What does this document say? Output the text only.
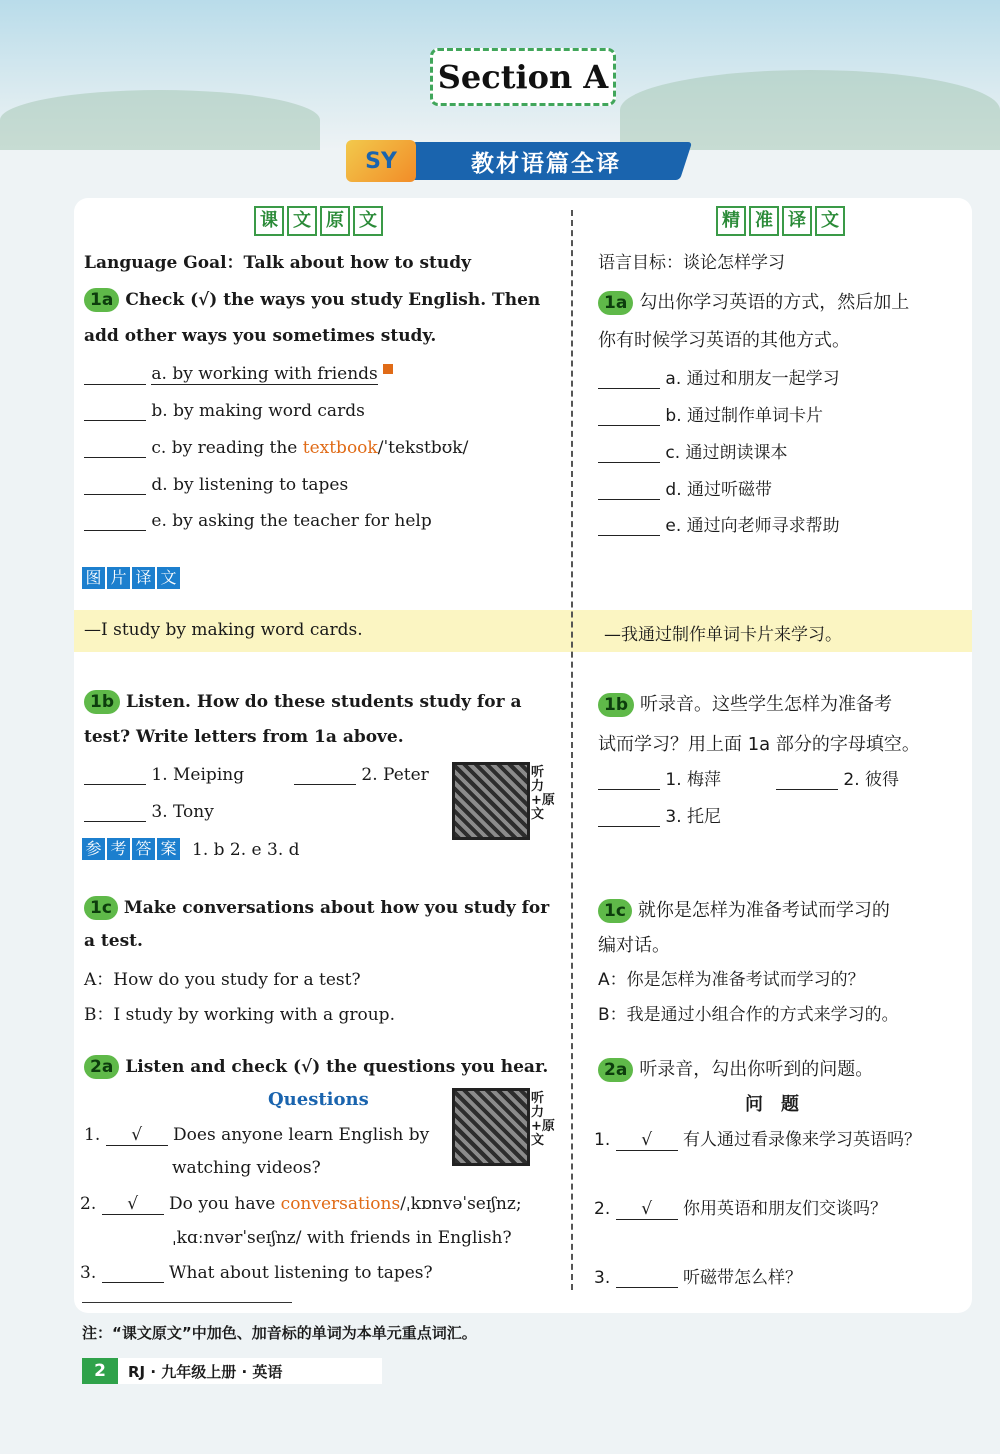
Section A
教材语篇全译
SY
课 文 原 文	精 准 译 文
Language Goal：Talk about how to study
1a Check (√) the ways you study English. Then
add other ways you sometimes study.
a. by working with friends
b. by making word cards
c. by reading the textbook/ˈtekstbʊk/
d. by listening to tapes
e. by asking the teacher for help
图 片 译 文
—I study by making word cards.
1b Listen. How do these students study for a
test? Write letters from 1a above.
1. Meiping	2. Peter
3. Tony
听力+原文
参 考 答 案 1. b 2. e 3. d
1c Make conversations about how you study for
a test.
A：How do you study for a test?
B：I study by working with a group.
2a Listen and check (√) the questions you hear.
Questions	听力+原文
1. √ Does anyone learn English by
watching videos?
2. √ Do you have conversations/ˌkɒnvəˈseɪʃnz;
ˌkɑːnvərˈseɪʃnz/ with friends in English?
3.	What about listening to tapes?
语言目标：谈论怎样学习
1a 勾出你学习英语的方式，然后加上
你有时候学习英语的其他方式。
a. 通过和朋友一起学习
b. 通过制作单词卡片
c. 通过朗读课本
d. 通过听磁带
e. 通过向老师寻求帮助
—我通过制作单词卡片来学习。
1b 听录音。这些学生怎样为准备考
试而学习？用上面 1a 部分的字母填空。
1. 梅萍	2. 彼得
3. 托尼
1c 就你是怎样为准备考试而学习的
编对话。
A：你是怎样为准备考试而学习的？
B：我是通过小组合作的方式来学习的。
2a 听录音，勾出你听到的问题。
问　题
1. √ 有人通过看录像来学习英语吗？
2. √ 你用英语和朋友们交谈吗？
3.	听磁带怎么样？
注：“课文原文”中加色、加音标的单词为本单元重点词汇。
2	RJ · 九年级上册 · 英语
